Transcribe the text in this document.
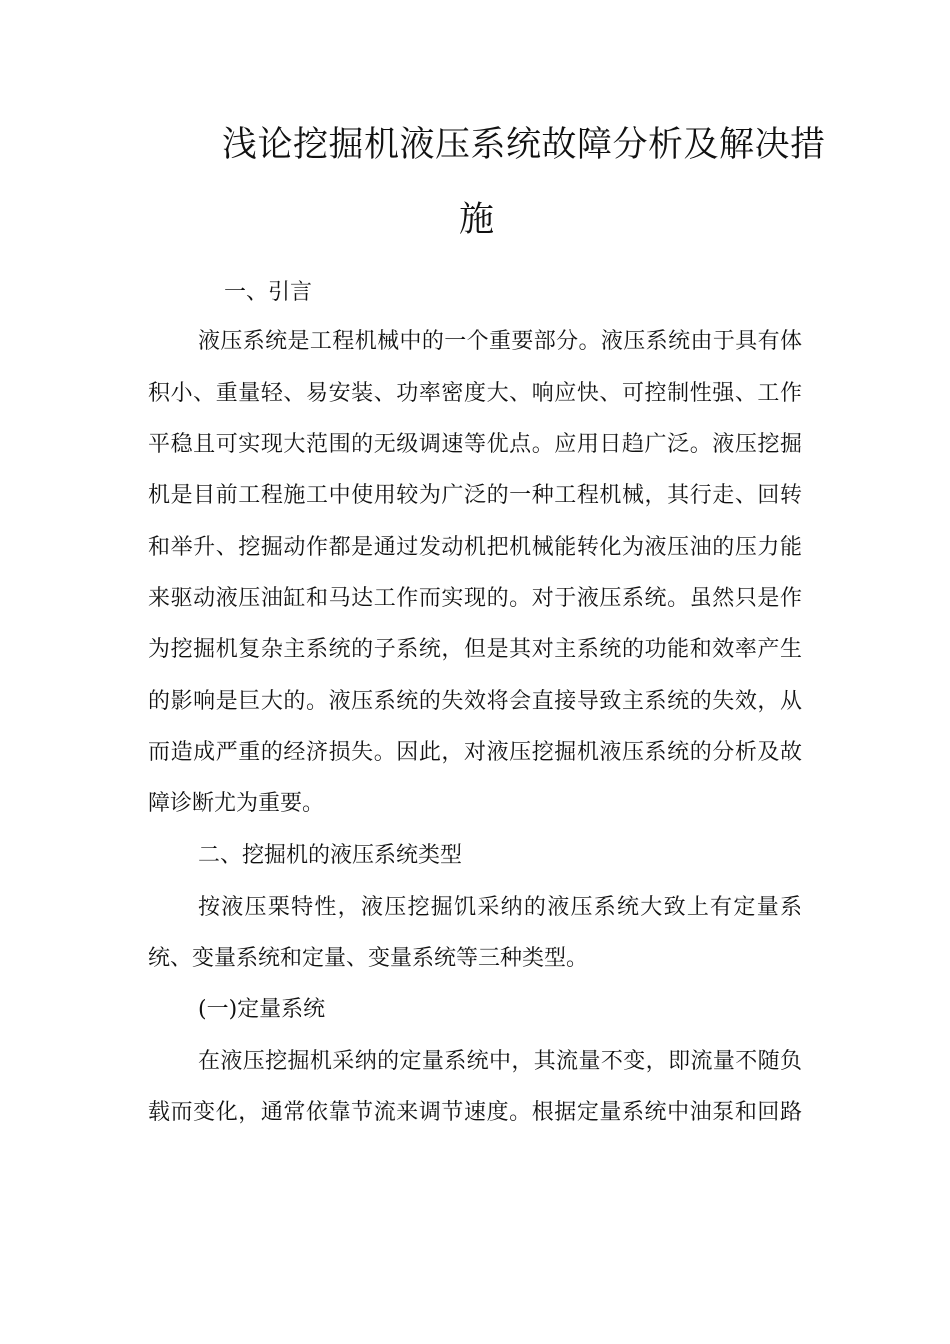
浅论挖掘机液压系统故障分析及解决措
施
一、引言
液压系统是工程机械中的一个重要部分。液压系统由于具有体
积小、重量轻、易安装、功率密度大、响应快、可控制性强、工作
平稳且可实现大范围的无级调速等优点。应用日趋广泛。液压挖掘
机是目前工程施工中使用较为广泛的一种工程机械，其行走、回转
和举升、挖掘动作都是通过发动机把机械能转化为液压油的压力能
来驱动液压油缸和马达工作而实现的。对于液压系统。虽然只是作
为挖掘机复杂主系统的子系统，但是其对主系统的功能和效率产生
的影响是巨大的。液压系统的失效将会直接导致主系统的失效，从
而造成严重的经济损失。因此，对液压挖掘机液压系统的分析及故
障诊断尤为重要。
二、挖掘机的液压系统类型
按液压栗特性，液压挖掘饥采纳的液压系统大致上有定量系
统、变量系统和定量、变量系统等三种类型。
(一)定量系统
在液压挖掘机采纳的定量系统中，其流量不变，即流量不随负
载而变化，通常依靠节流来调节速度。根据定量系统中油泵和回路
